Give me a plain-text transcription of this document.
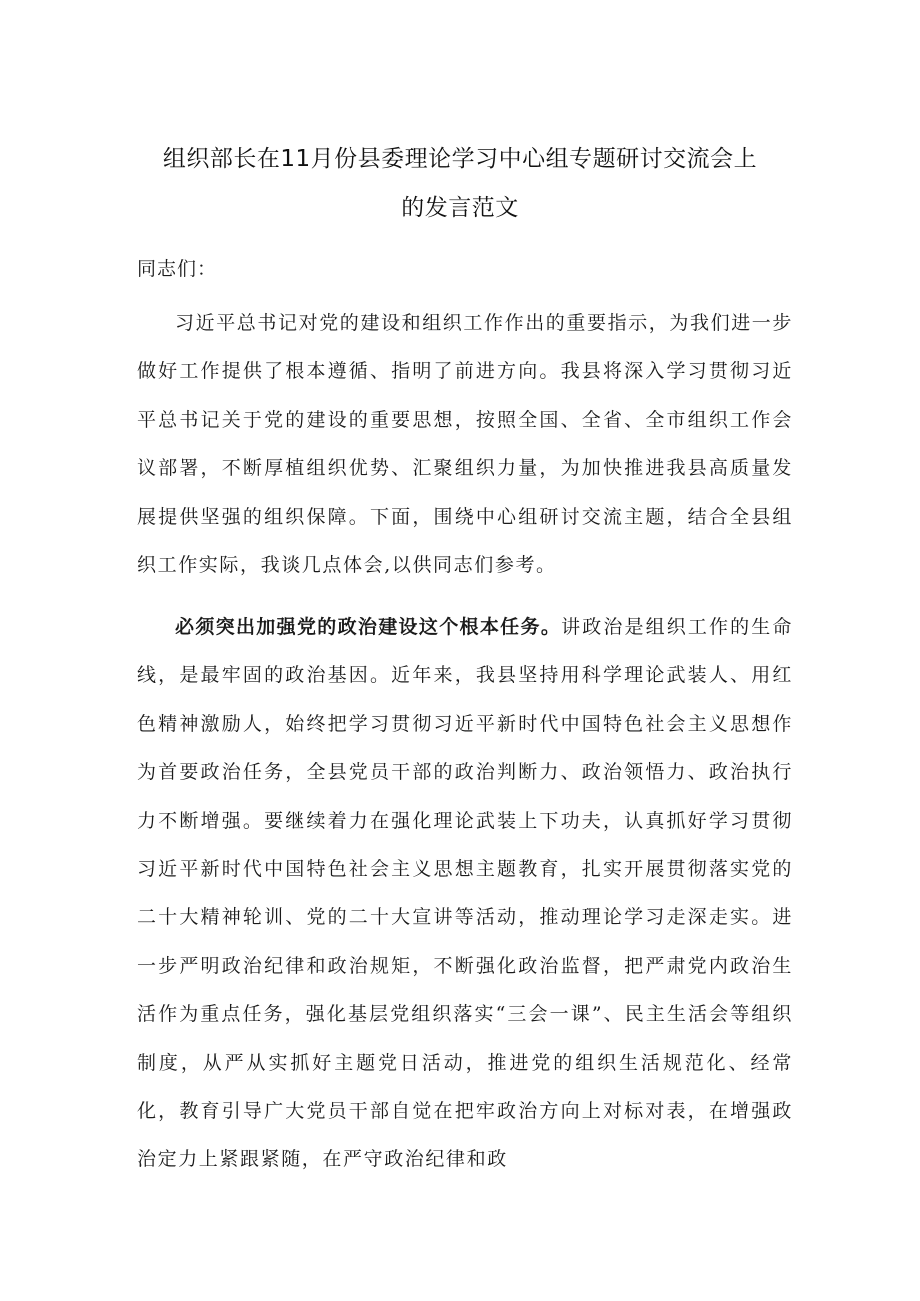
组织部长在11月份县委理论学习中心组专题研讨交流会上
的发言范文
同志们：

习近平总书记对党的建设和组织工作作出的重要指示，为我们进一步做好工作提供了根本遵循、指明了前进方向。我县将深入学习贯彻习近平总书记关于党的建设的重要思想，按照全国、全省、全市组织工作会议部署，不断厚植组织优势、汇聚组织力量，为加快推进我县高质量发展提供坚强的组织保障。下面，围绕中心组研讨交流主题，结合全县组织工作实际，我谈几点体会,以供同志们参考。

必须突出加强党的政治建设这个根本任务。讲政治是组织工作的生命线，是最牢固的政治基因。近年来，我县坚持用科学理论武装人、用红色精神激励人，始终把学习贯彻习近平新时代中国特色社会主义思想作为首要政治任务，全县党员干部的政治判断力、政治领悟力、政治执行力不断增强。要继续着力在强化理论武装上下功夫，认真抓好学习贯彻习近平新时代中国特色社会主义思想主题教育，扎实开展贯彻落实党的二十大精神轮训、党的二十大宣讲等活动，推动理论学习走深走实。进一步严明政治纪律和政治规矩，不断强化政治监督，把严肃党内政治生活作为重点任务，强化基层党组织落实“三会一课”、民主生活会等组织制度，从严从实抓好主题党日活动，推进党的组织生活规范化、经常化，教育引导广大党员干部自觉在把牢政治方向上对标对表，在增强政治定力上紧跟紧随，在严守政治纪律和政
